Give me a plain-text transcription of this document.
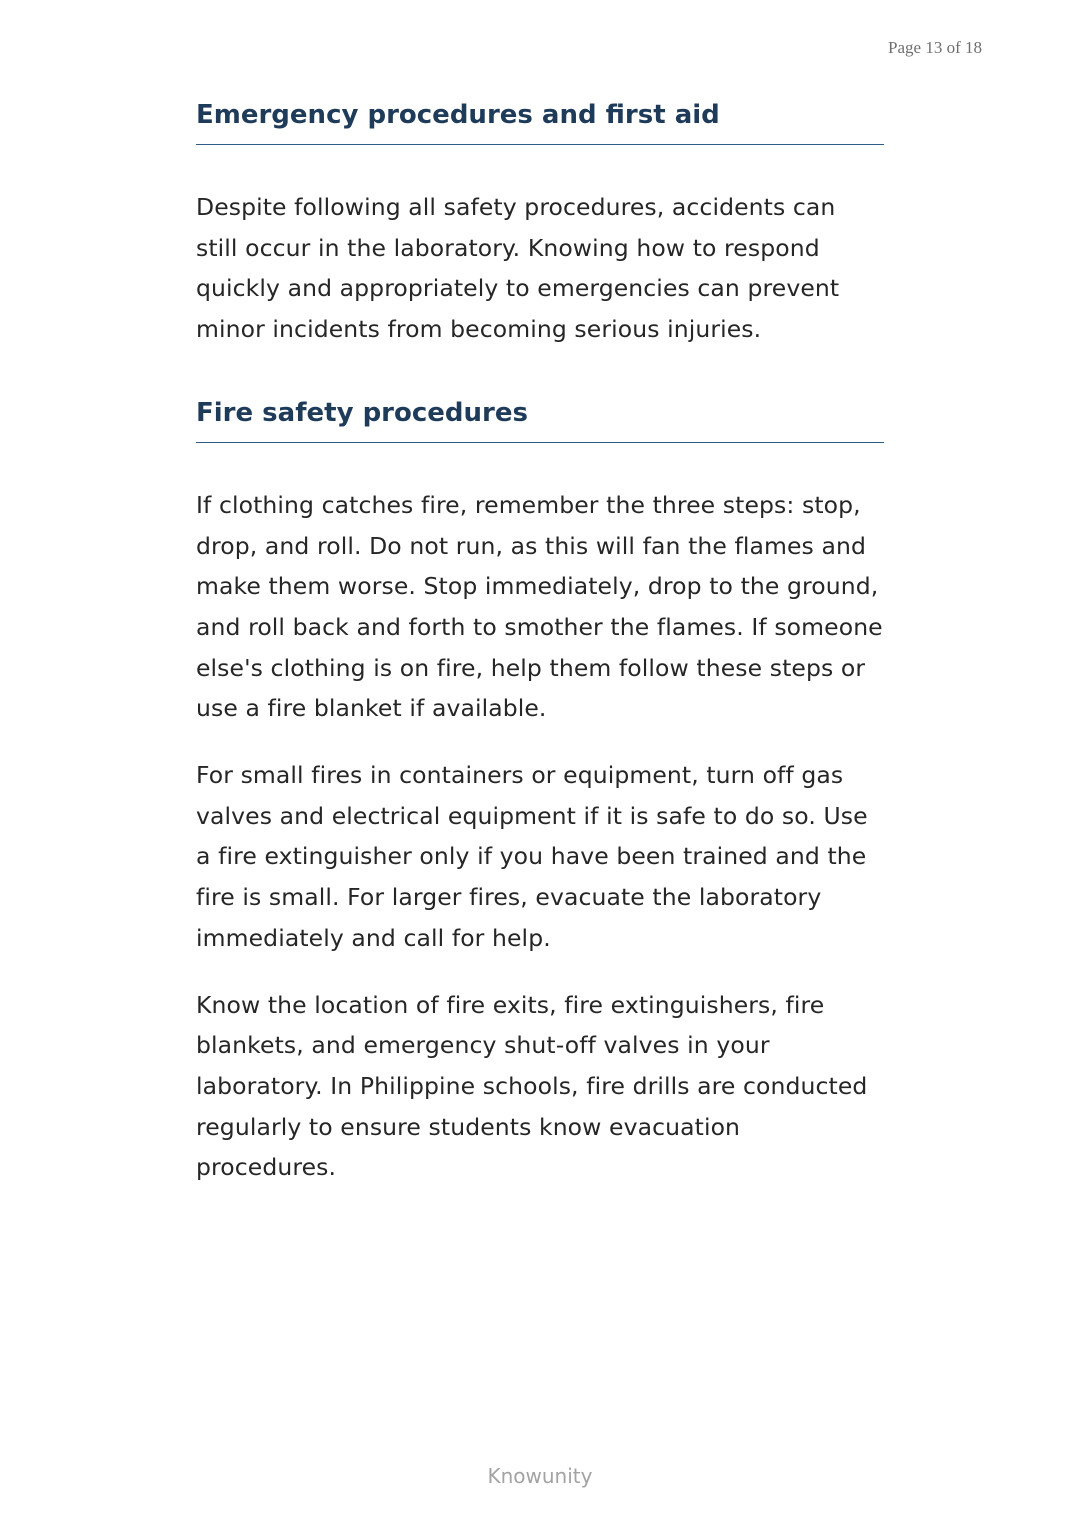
Page 13 of 18
Emergency procedures and first aid

Despite following all safety procedures, accidents can still occur in the laboratory. Knowing how to respond quickly and appropriately to emergencies can prevent minor incidents from becoming serious injuries.

Fire safety procedures

If clothing catches fire, remember the three steps: stop, drop, and roll. Do not run, as this will fan the flames and make them worse. Stop immediately, drop to the ground, and roll back and forth to smother the flames. If someone else's clothing is on fire, help them follow these steps or use a fire blanket if available.

For small fires in containers or equipment, turn off gas valves and electrical equipment if it is safe to do so. Use a fire extinguisher only if you have been trained and the fire is small. For larger fires, evacuate the laboratory immediately and call for help.

Know the location of fire exits, fire extinguishers, fire blankets, and emergency shut-off valves in your laboratory. In Philippine schools, fire drills are conducted regularly to ensure students know evacuation procedures.

Knowunity
